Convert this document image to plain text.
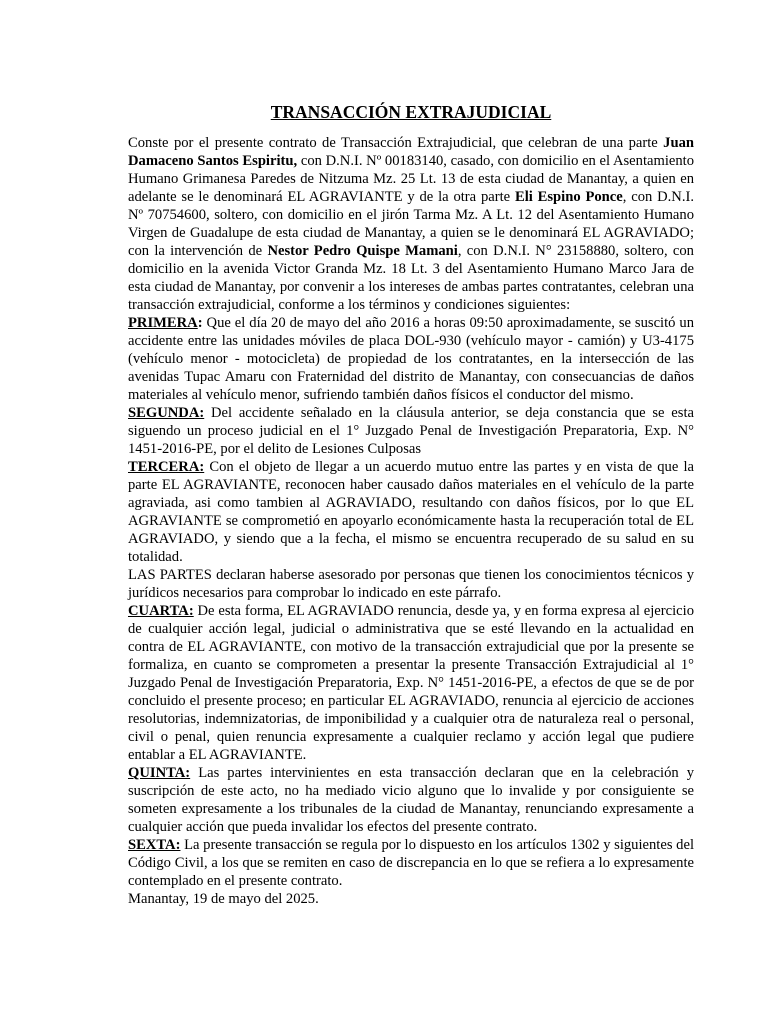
TRANSACCIÓN EXTRAJUDICIAL

Conste por el presente contrato de Transacción Extrajudicial, que celebran de una parte Juan Damaceno Santos Espiritu, con D.N.I. Nº 00183140, casado, con domicilio en el Asentamiento Humano Grimanesa Paredes de Nitzuma Mz. 25 Lt. 13 de esta ciudad de Manantay, a quien en adelante se le denominará EL AGRAVIANTE y de la otra parte Eli Espino Ponce, con D.N.I. Nº 70754600, soltero, con domicilio en el jirón Tarma Mz. A Lt. 12 del Asentamiento Humano Virgen de Guadalupe de esta ciudad de Manantay, a quien se le denominará EL AGRAVIADO; con la intervención de Nestor Pedro Quispe Mamani, con D.N.I. N° 23158880, soltero, con domicilio en la avenida Victor Granda Mz. 18 Lt. 3 del Asentamiento Humano Marco Jara de esta ciudad de Manantay, por convenir a los intereses de ambas partes contratantes, celebran una transacción extrajudicial, conforme a los términos y condiciones siguientes:

PRIMERA: Que el día 20 de mayo del año 2016 a horas 09:50 aproximadamente, se suscitó un accidente entre las unidades móviles de placa DOL-930 (vehículo mayor - camión) y U3-4175 (vehículo menor - motocicleta) de propiedad de los contratantes, en la intersección de las avenidas Tupac Amaru con Fraternidad del distrito de Manantay, con consecuancias de daños materiales al vehículo menor, sufriendo también daños físicos el conductor del mismo.

SEGUNDA: Del accidente señalado en la cláusula anterior, se deja constancia que se esta siguendo un proceso judicial en el 1° Juzgado Penal de Investigación Preparatoria, Exp. N° 1451-2016-PE, por el delito de Lesiones Culposas

TERCERA: Con el objeto de llegar a un acuerdo mutuo entre las partes y en vista de que la parte EL AGRAVIANTE, reconocen haber causado daños materiales en el vehículo de la parte agraviada, asi como tambien al AGRAVIADO, resultando con daños físicos, por lo que EL AGRAVIANTE se comprometió en apoyarlo económicamente hasta la recuperación total de EL AGRAVIADO, y siendo que a la fecha, el mismo se encuentra recuperado de su salud en su totalidad.

LAS PARTES declaran haberse asesorado por personas que tienen los conocimientos técnicos y jurídicos necesarios para comprobar lo indicado en este párrafo.

CUARTA: De esta forma, EL AGRAVIADO renuncia, desde ya, y en forma expresa al ejercicio de cualquier acción legal, judicial o administrativa que se esté llevando en la actualidad en contra de EL AGRAVIANTE, con motivo de la transacción extrajudicial que por la presente se formaliza, en cuanto se comprometen a presentar la presente Transacción Extrajudicial al 1° Juzgado Penal de Investigación Preparatoria, Exp. N° 1451-2016-PE, a efectos de que se de por concluido el presente proceso; en particular EL AGRAVIADO, renuncia al ejercicio de acciones resolutorias, indemnizatorias, de imponibilidad y a cualquier otra de naturaleza real o personal, civil o penal, quien renuncia expresamente a cualquier reclamo y acción legal que pudiere entablar a EL AGRAVIANTE.

QUINTA: Las partes intervinientes en esta transacción declaran que en la celebración y suscripción de este acto, no ha mediado vicio alguno que lo invalide y por consiguiente se someten expresamente a los tribunales de la ciudad de Manantay, renunciando expresamente a cualquier acción que pueda invalidar los efectos del presente contrato.

SEXTA: La presente transacción se regula por lo dispuesto en los artículos 1302 y siguientes del Código Civil, a los que se remiten en caso de discrepancia en lo que se refiera a lo expresamente contemplado en el presente contrato.

Manantay, 19 de mayo del 2025.
